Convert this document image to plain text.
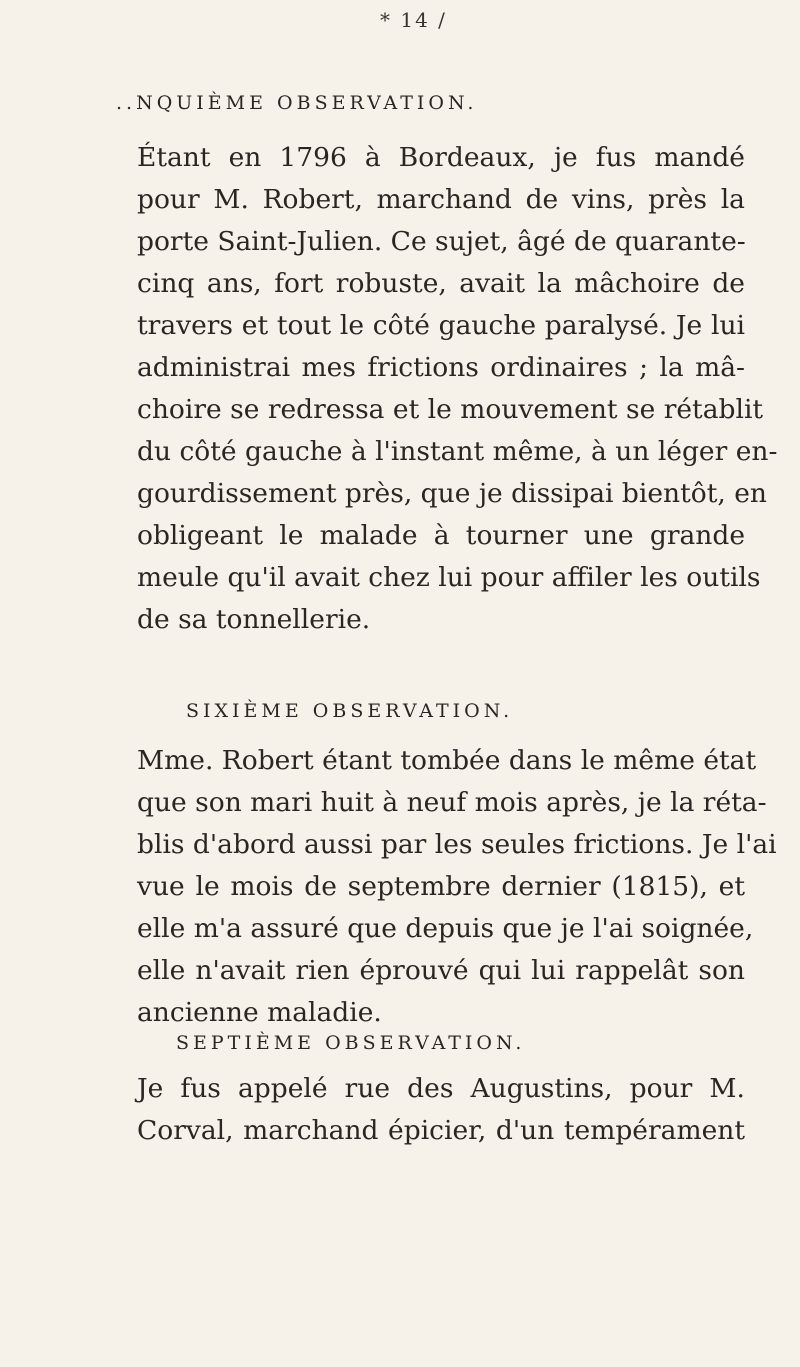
* 14 /
..NQUIÈME OBSERVATION.
Étant en 1796 à Bordeaux, je fus mandé
pour M. Robert, marchand de vins, près la
porte Saint-Julien. Ce sujet, âgé de quarante-
cinq ans, fort robuste, avait la mâchoire de
travers et tout le côté gauche paralysé. Je lui
administrai mes frictions ordinaires ; la mâ-
choire se redressa et le mouvement se rétablit
du côté gauche à l'instant même, à un léger en-
gourdissement près, que je dissipai bientôt, en
obligeant le malade à tourner une grande
meule qu'il avait chez lui pour affiler les outils
de sa tonnellerie.
SIXIÈME OBSERVATION.
Mme. Robert étant tombée dans le même état
que son mari huit à neuf mois après, je la réta-
blis d'abord aussi par les seules frictions. Je l'ai
vue le mois de septembre dernier (1815), et
elle m'a assuré que depuis que je l'ai soignée,
elle n'avait rien éprouvé qui lui rappelât son
ancienne maladie.
SEPTIÈME OBSERVATION.
Je fus appelé rue des Augustins, pour M.
Corval, marchand épicier, d'un tempérament
